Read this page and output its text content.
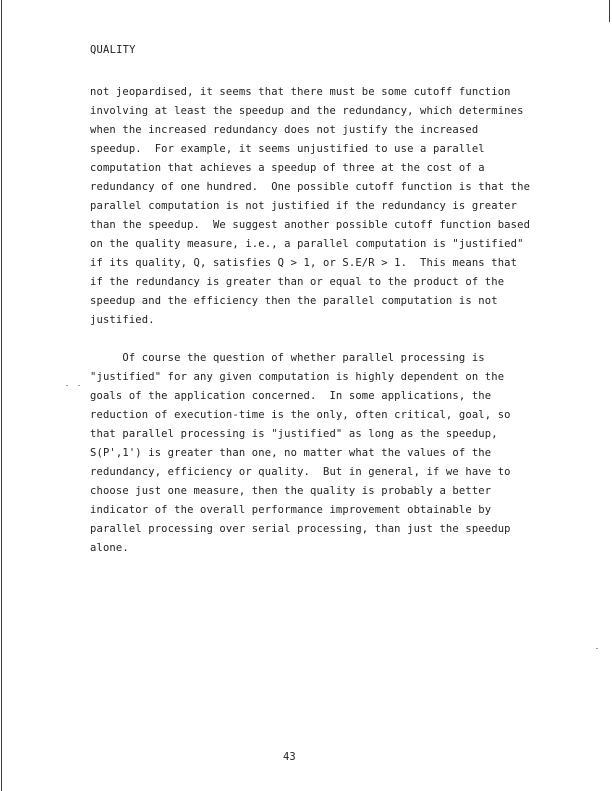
QUALITY
not jeopardised, it seems that there must be some cutoff function
involving at least the speedup and the redundancy, which determines
when the increased redundancy does not justify the increased
speedup.  For example, it seems unjustified to use a parallel
computation that achieves a speedup of three at the cost of a
redundancy of one hundred.  One possible cutoff function is that the
parallel computation is not justified if the redundancy is greater
than the speedup.  We suggest another possible cutoff function based
on the quality measure, i.e., a parallel computation is "justified"
if its quality, Q, satisfies Q > 1, or S.E/R > 1.  This means that
if the redundancy is greater than or equal to the product of the
speedup and the efficiency then the parallel computation is not
justified.
Of course the question of whether parallel processing is
"justified" for any given computation is highly dependent on the
goals of the application concerned.  In some applications, the
reduction of execution-time is the only, often critical, goal, so
that parallel processing is "justified" as long as the speedup,
S(P',1') is greater than one, no matter what the values of the
redundancy, efficiency or quality.  But in general, if we have to
choose just one measure, then the quality is probably a better
indicator of the overall performance improvement obtainable by
parallel processing over serial processing, than just the speedup
alone.
43
